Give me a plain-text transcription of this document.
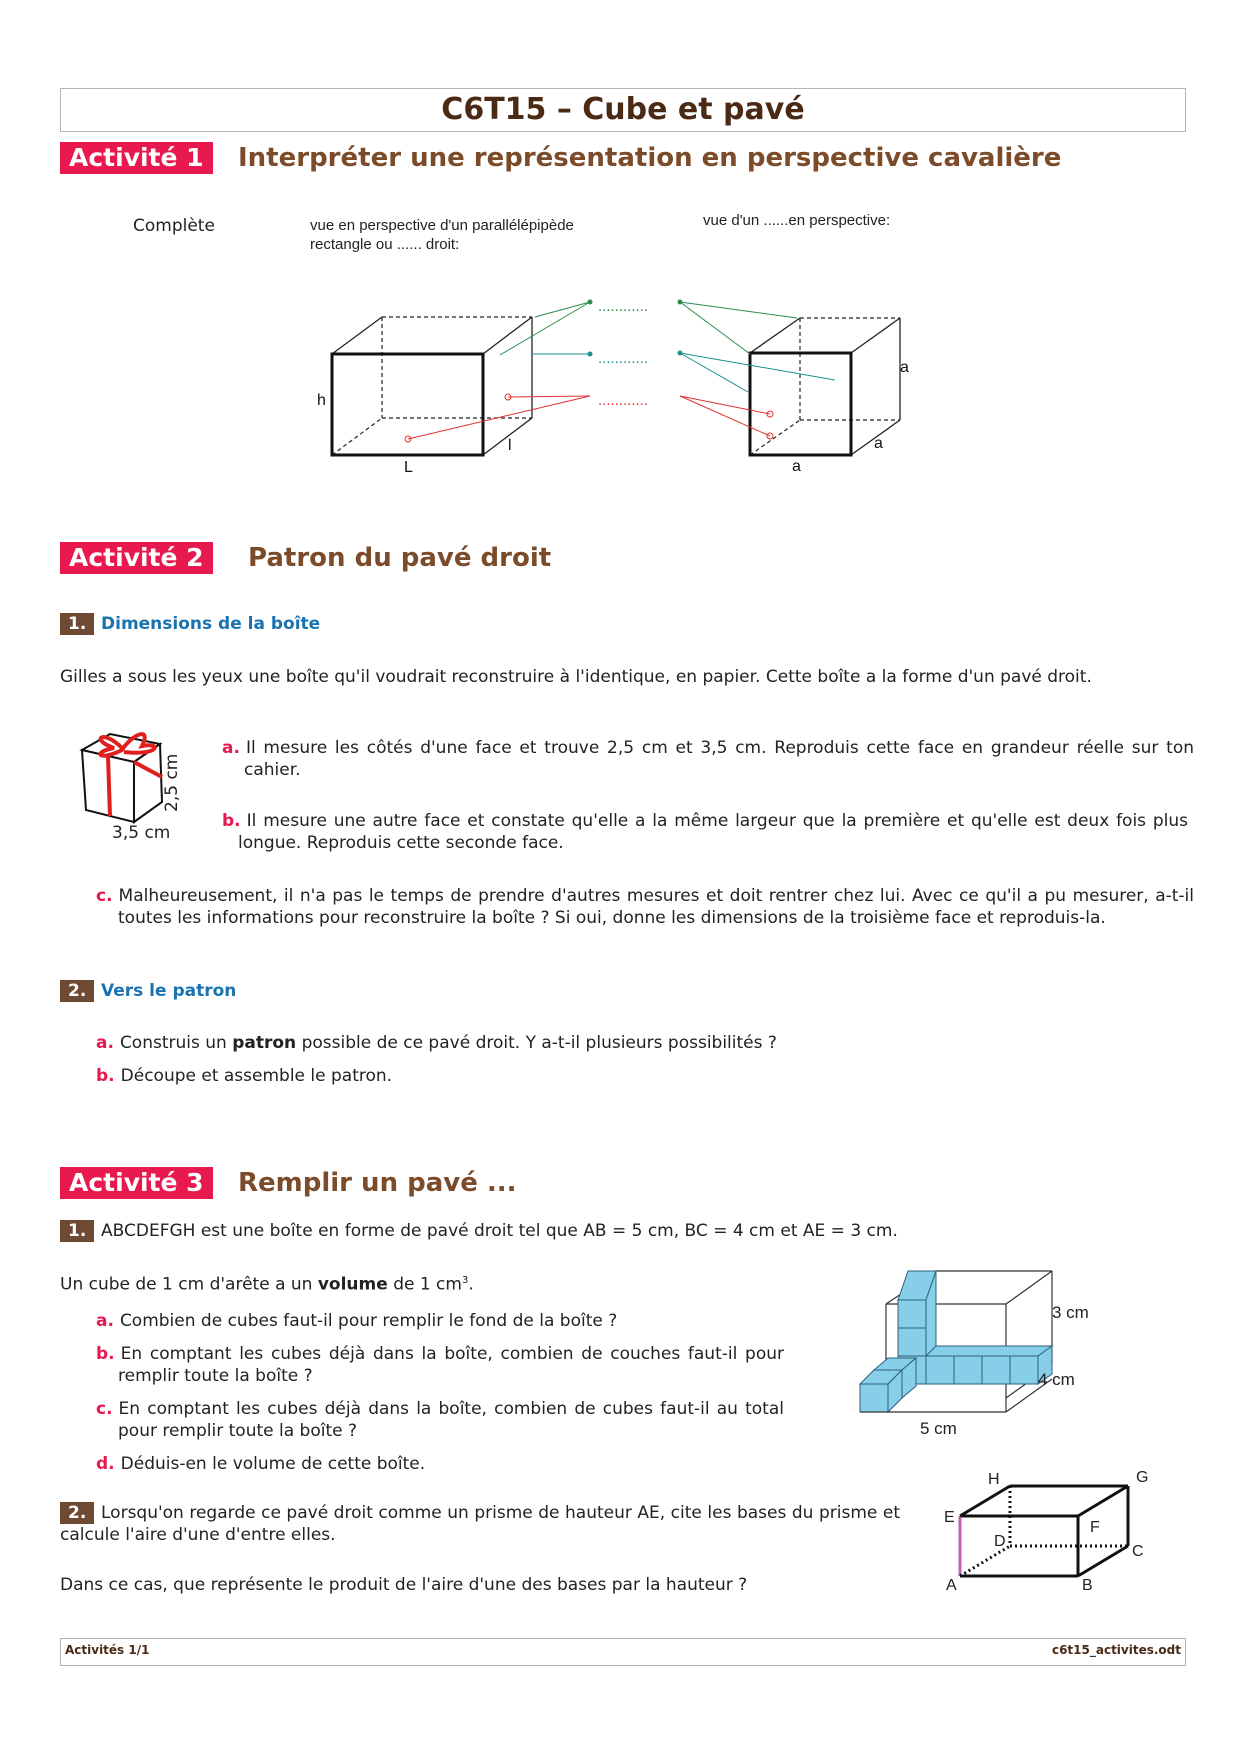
C6T15 – Cube et pavé
Activité 1	Interpréter une représentation en perspective cavalière
Complète	vue en perspective d'un parallélépipède
rectangle ou ...... droit:
vue d'un ......en perspective:
............
............
............
h
L
l
a
a
a
Activité 2	Patron du pavé droit
1. Dimensions de la boîte
Gilles a sous les yeux une boîte qu'il voudrait reconstruire à l'identique, en papier. Cette boîte a la forme d'un pavé droit.
2,5 cm
3,5 cm
a. Il mesure les côtés d'une face et trouve 2,5 cm et 3,5 cm. Reproduis cette face en grandeur réelle sur ton cahier.
b. Il mesure une autre face et constate qu'elle a la même largeur que la première et qu'elle est deux fois plus longue. Reproduis cette seconde face.
c. Malheureusement, il n'a pas le temps de prendre d'autres mesures et doit rentrer chez lui. Avec ce qu'il a pu mesurer, a-t-il toutes les informations pour reconstruire la boîte ? Si oui, donne les dimensions de la troisième face et reproduis-la.
2. Vers le patron
a. Construis un patron possible de ce pavé droit. Y a-t-il plusieurs possibilités ?
b. Découpe et assemble le patron.
Activité 3	Remplir un pavé ...
1. ABCDEFGH est une boîte en forme de pavé droit tel que AB = 5 cm, BC = 4 cm et AE = 3 cm.
Un cube de 1 cm d'arête a un volume de 1 $cm^3$.
a. Combien de cubes faut-il pour remplir le fond de la boîte ?
b. En comptant les cubes déjà dans la boîte, combien de couches faut-il pour remplir toute la boîte ?
c. En comptant les cubes déjà dans la boîte, combien de cubes faut-il au total pour remplir toute la boîte ?
d. Déduis-en le volume de cette boîte.
3 cm
4 cm
5 cm
2. Lorsqu'on regarde ce pavé droit comme un prisme de hauteur AE, cite les bases du prisme et calcule l'aire d'une d'entre elles.
Dans ce cas, que représente le produit de l'aire d'une des bases par la hauteur ?	A	B
C
D
E
F
G
H
Activités 1/1	c6t15_activites.odt
